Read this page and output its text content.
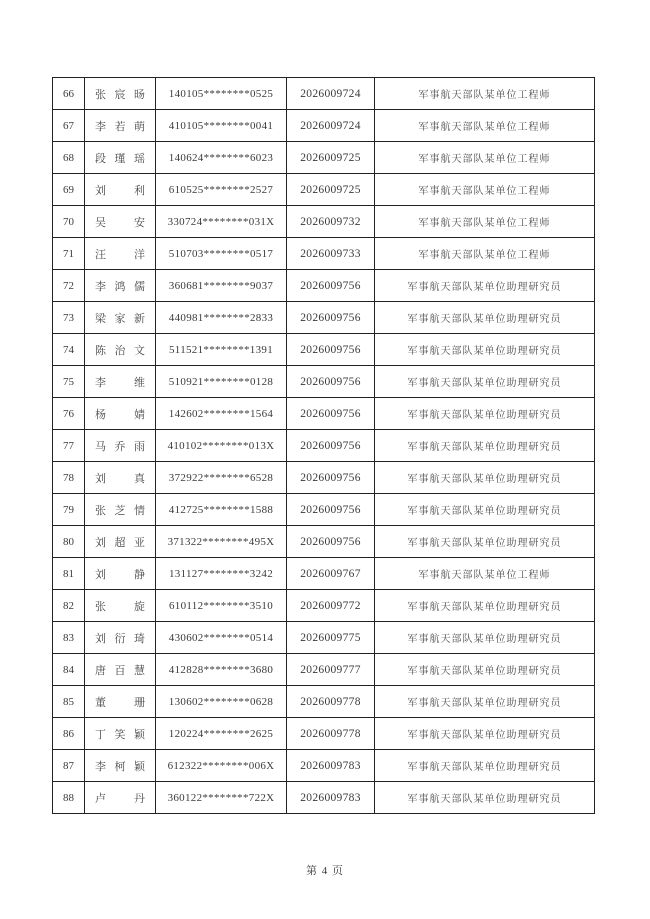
66	张 宸 旸	140105********0525	2026009724	军事航天部队某单位工程师
67	李 若 萌	410105********0041	2026009724	军事航天部队某单位工程师
68	段 瑾 瑶	140624********6023	2026009725	军事航天部队某单位工程师
69	刘 利	610525********2527	2026009725	军事航天部队某单位工程师
70	吴 安	330724********031X	2026009732	军事航天部队某单位工程师
71	汪 洋	510703********0517	2026009733	军事航天部队某单位工程师
72	李 鸿 儒	360681********9037	2026009756	军事航天部队某单位助理研究员
73	梁 家 新	440981********2833	2026009756	军事航天部队某单位助理研究员
74	陈 治 文	511521********1391	2026009756	军事航天部队某单位助理研究员
75	李 维	510921********0128	2026009756	军事航天部队某单位助理研究员
76	杨 婧	142602********1564	2026009756	军事航天部队某单位助理研究员
77	马 乔 雨	410102********013X	2026009756	军事航天部队某单位助理研究员
78	刘 真	372922********6528	2026009756	军事航天部队某单位助理研究员
79	张 芝 情	412725********1588	2026009756	军事航天部队某单位助理研究员
80	刘 超 亚	371322********495X	2026009756	军事航天部队某单位助理研究员
81	刘 静	131127********3242	2026009767	军事航天部队某单位工程师
82	张 旋	610112********3510	2026009772	军事航天部队某单位助理研究员
83	刘 衍 琦	430602********0514	2026009775	军事航天部队某单位助理研究员
84	唐 百 慧	412828********3680	2026009777	军事航天部队某单位助理研究员
85	董 珊	130602********0628	2026009778	军事航天部队某单位助理研究员
86	丁 笑 颖	120224********2625	2026009778	军事航天部队某单位助理研究员
87	李 柯 颖	612322********006X	2026009783	军事航天部队某单位助理研究员
88	卢 丹	360122********722X	2026009783	军事航天部队某单位助理研究员
第 4 页
